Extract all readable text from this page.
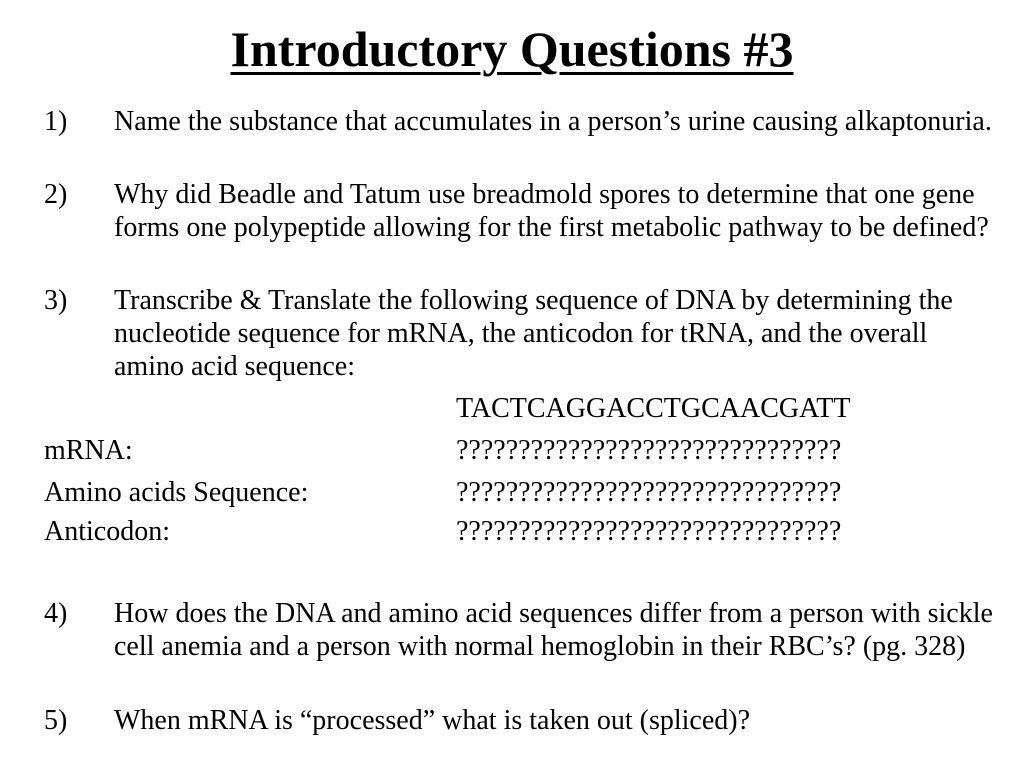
Introductory Questions #3
1)	Name the substance that accumulates in a person’s urine causing alkaptonuria.
2)	Why did Beadle and Tatum use breadmold spores to determine that one gene forms one polypeptide allowing for the first metabolic pathway to be defined?
3)	Transcribe & Translate the following sequence of DNA by determining the nucleotide sequence for mRNA, the anticodon for tRNA, and the overall amino acid sequence:
TACTCAGGACCTGCAACGATT
mRNA:	???????????????????????????????
Amino acids Sequence:	???????????????????????????????
Anticodon:	???????????????????????????????
4)	How does the DNA and amino acid sequences differ from a person with sickle cell anemia and a person with normal hemoglobin in their RBC’s? (pg. 328)
5)	When mRNA is “processed” what is taken out (spliced)?
